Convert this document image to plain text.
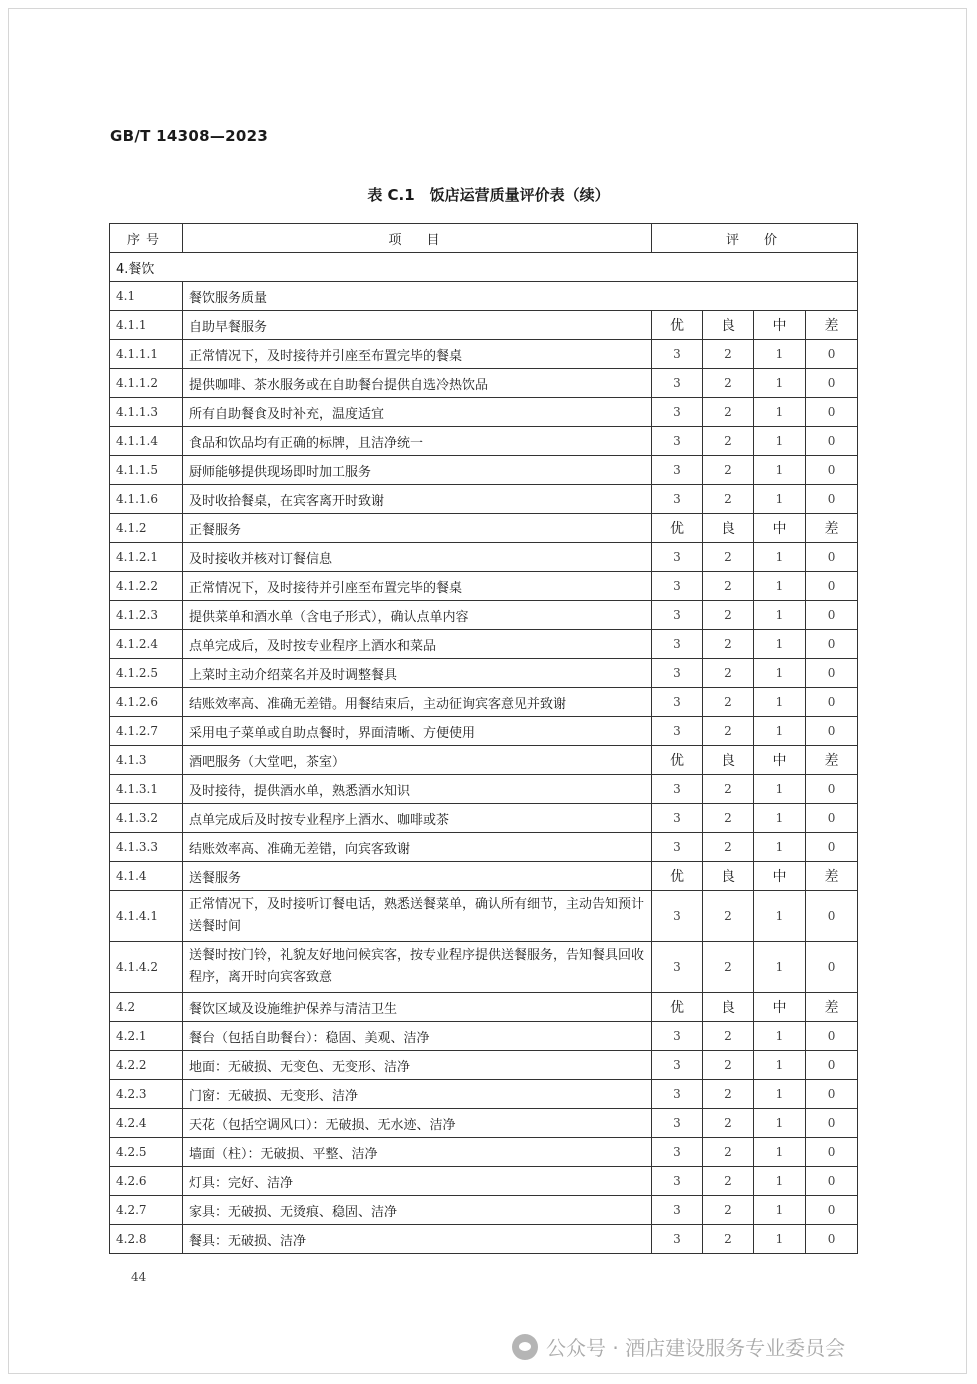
GB/T 14308—2023
表 C.1　饭店运营质量评价表（续）
序号	项　目	评　价			
4.餐饮					
4.1	餐饮服务质量				
4.1.1	自助早餐服务	优	良	中	差
4.1.1.1	正常情况下，及时接待并引座至布置完毕的餐桌	3	2	1	0
4.1.1.2	提供咖啡、茶水服务或在自助餐台提供自选冷热饮品	3	2	1	0
4.1.1.3	所有自助餐食及时补充，温度适宜	3	2	1	0
4.1.1.4	食品和饮品均有正确的标牌，且洁净统一	3	2	1	0
4.1.1.5	厨师能够提供现场即时加工服务	3	2	1	0
4.1.1.6	及时收拾餐桌，在宾客离开时致谢	3	2	1	0
4.1.2	正餐服务	优	良	中	差
4.1.2.1	及时接收并核对订餐信息	3	2	1	0
4.1.2.2	正常情况下，及时接待并引座至布置完毕的餐桌	3	2	1	0
4.1.2.3	提供菜单和酒水单（含电子形式），确认点单内容	3	2	1	0
4.1.2.4	点单完成后，及时按专业程序上酒水和菜品	3	2	1	0
4.1.2.5	上菜时主动介绍菜名并及时调整餐具	3	2	1	0
4.1.2.6	结账效率高、准确无差错。用餐结束后，主动征询宾客意见并致谢	3	2	1	0
4.1.2.7	采用电子菜单或自助点餐时，界面清晰、方便使用	3	2	1	0
4.1.3	酒吧服务（大堂吧，茶室）	优	良	中	差
4.1.3.1	及时接待，提供酒水单，熟悉酒水知识	3	2	1	0
4.1.3.2	点单完成后及时按专业程序上酒水、咖啡或茶	3	2	1	0
4.1.3.3	结账效率高、准确无差错，向宾客致谢	3	2	1	0
4.1.4	送餐服务	优	良	中	差
4.1.4.1	正常情况下，及时接听订餐电话，熟悉送餐菜单，确认所有细节，主动告知预计送餐时间	3	2	1	0
4.1.4.2	送餐时按门铃，礼貌友好地问候宾客，按专业程序提供送餐服务，告知餐具回收程序，离开时向宾客致意	3	2	1	0
4.2	餐饮区域及设施维护保养与清洁卫生	优	良	中	差
4.2.1	餐台（包括自助餐台）：稳固、美观、洁净	3	2	1	0
4.2.2	地面：无破损、无变色、无变形、洁净	3	2	1	0
4.2.3	门窗：无破损、无变形、洁净	3	2	1	0
4.2.4	天花（包括空调风口）：无破损、无水迹、洁净	3	2	1	0
4.2.5	墙面（柱）：无破损、平整、洁净	3	2	1	0
4.2.6	灯具：完好、洁净	3	2	1	0
4.2.7	家具：无破损、无烫痕、稳固、洁净	3	2	1	0
4.2.8	餐具：无破损、洁净	3	2	1	0
44
公众号 · 酒店建设服务专业委员会
